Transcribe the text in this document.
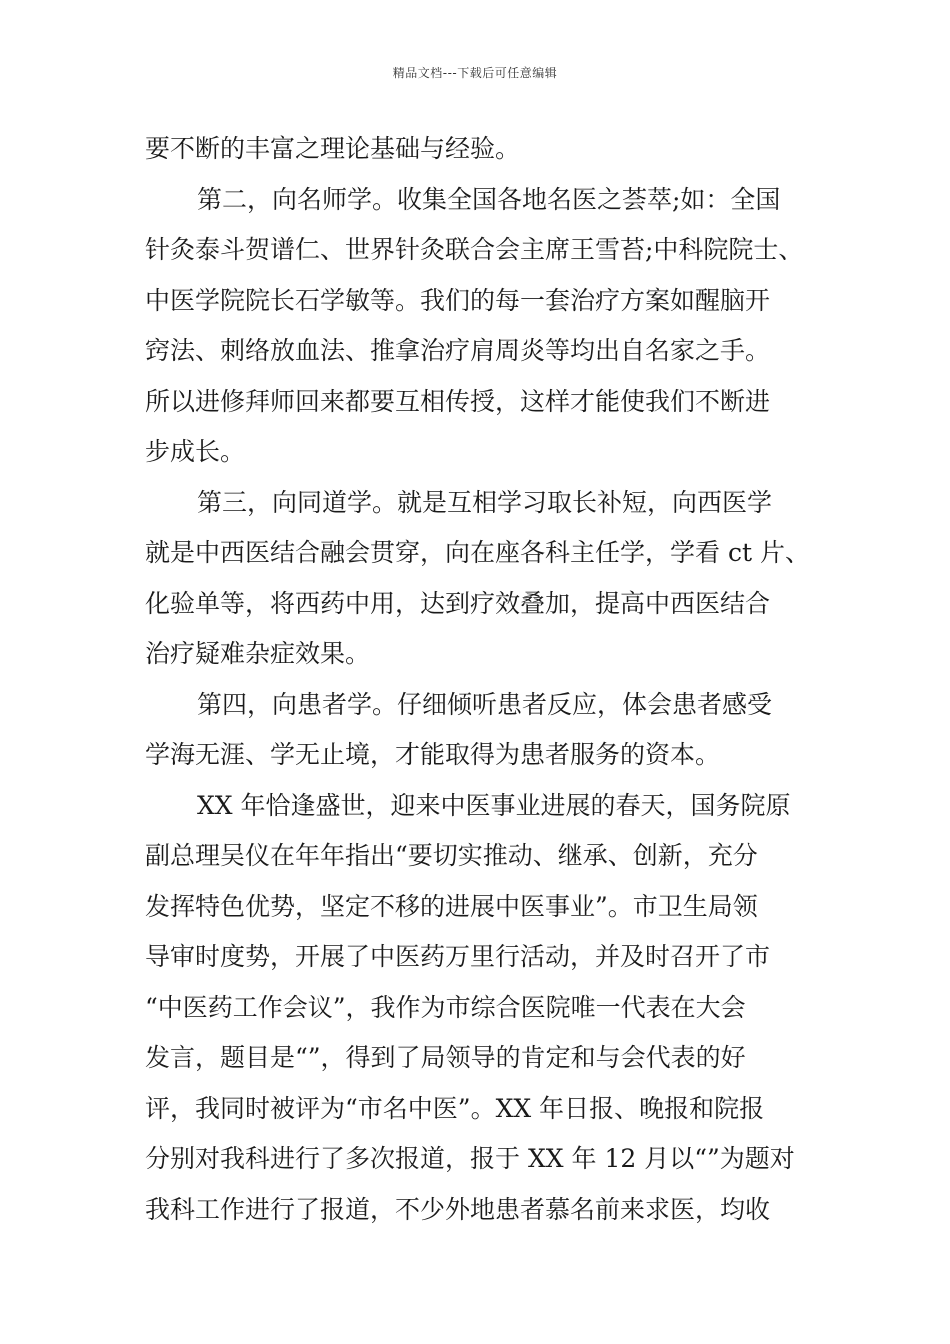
精品文档---下载后可任意编辑
要不断的丰富之理论基础与经验。
第二，向名师学。收集全国各地名医之荟萃;如：全国
针灸泰斗贺谱仁、世界针灸联合会主席王雪苔;中科院院士、
中医学院院长石学敏等。我们的每一套治疗方案如醒脑开
窍法、刺络放血法、推拿治疗肩周炎等均出自名家之手。
所以进修拜师回来都要互相传授，这样才能使我们不断进
步成长。
第三，向同道学。就是互相学习取长补短，向西医学
就是中西医结合融会贯穿，向在座各科主任学，学看 ct 片、
化验单等，将西药中用，达到疗效叠加，提高中西医结合
治疗疑难杂症效果。
第四，向患者学。仔细倾听患者反应，体会患者感受
学海无涯、学无止境，才能取得为患者服务的资本。
XX 年恰逢盛世，迎来中医事业进展的春天，国务院原
副总理吴仪在年年指出“要切实推动、继承、创新，充分
发挥特色优势，坚定不移的进展中医事业”。市卫生局领
导审时度势，开展了中医药万里行活动，并及时召开了市
“中医药工作会议”，我作为市综合医院唯一代表在大会
发言，题目是“”，得到了局领导的肯定和与会代表的好
评，我同时被评为“市名中医”。XX 年日报、晚报和院报
分别对我科进行了多次报道，报于 XX 年 12 月以“”为题对
我科工作进行了报道，不少外地患者慕名前来求医，均收
